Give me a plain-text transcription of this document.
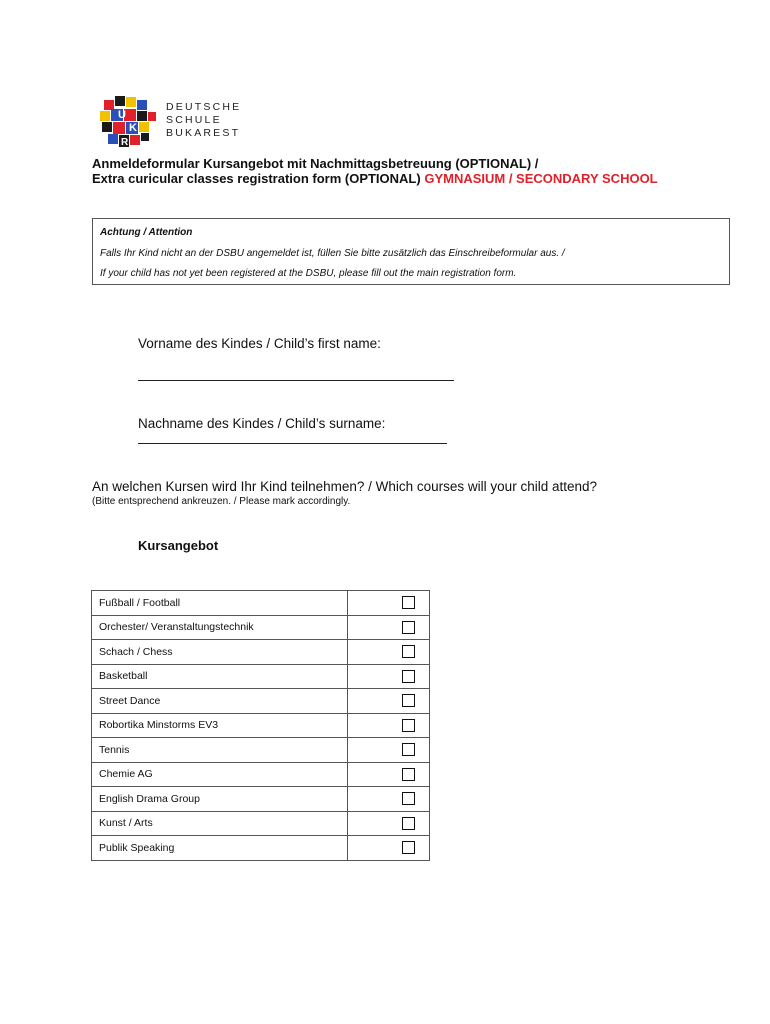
U
K
R
DEUTSCHE
SCHULE
BUKAREST
Anmeldeformular Kursangebot mit Nachmittagsbetreuung (OPTIONAL) /
Extra curicular classes registration form (OPTIONAL) GYMNASIUM / SECONDARY SCHOOL
Achtung / Attention
Falls Ihr Kind nicht an der DSBU angemeldet ist, füllen Sie bitte zusätzlich das Einschreibeformular aus. /
If your child has not yet been registered at the DSBU, please fill out the main registration form.
Vorname des Kindes / Child’s first name:
Nachname des Kindes / Child’s surname:
An welchen Kursen wird Ihr Kind teilnehmen? / Which courses will your child attend?
(Bitte entsprechend ankreuzen. / Please mark accordingly.
Kursangebot
Fußball / Football	
Orchester/ Veranstaltungstechnik	
Schach / Chess	
Basketball	
Street Dance	
Robortika Minstorms EV3	
Tennis	
Chemie AG	
English Drama Group	
Kunst / Arts	
Publik Speaking	
